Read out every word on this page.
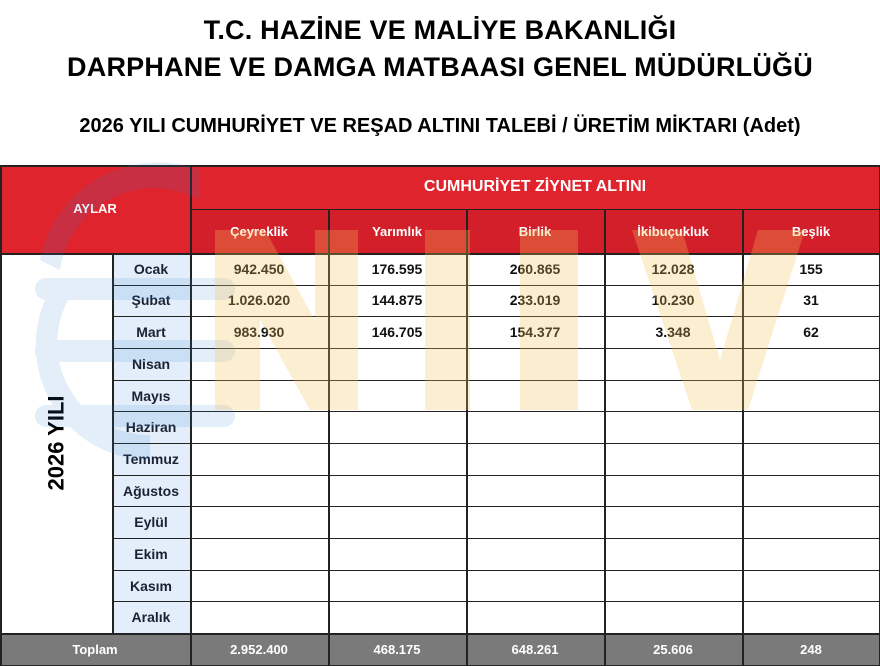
T.C. HAZİNE VE MALİYE BAKANLIĞI
DARPHANE VE DAMGA MATBAASI GENEL MÜDÜRLÜĞÜ
2026 YILI CUMHURİYET VE REŞAD ALTINI TALEBİ / ÜRETİM MİKTARI (Adet)
AYLAR
CUMHURİYET ZİYNET ALTINI
Çeyreklik	Yarımlık	Birlik	İkibuçukluk	Beşlik
Ocak	942.450	176.595	260.865	12.028	155
Şubat	1.026.020	144.875	233.019	10.230	31
Mart	983.930	146.705	154.377	3.348	62
Nisan
Mayıs
Haziran
Temmuz
Ağustos
Eylül
Ekim
Kasım
Aralık
Toplam	2.952.400	468.175	648.261	25.606	248
2026 YILI
